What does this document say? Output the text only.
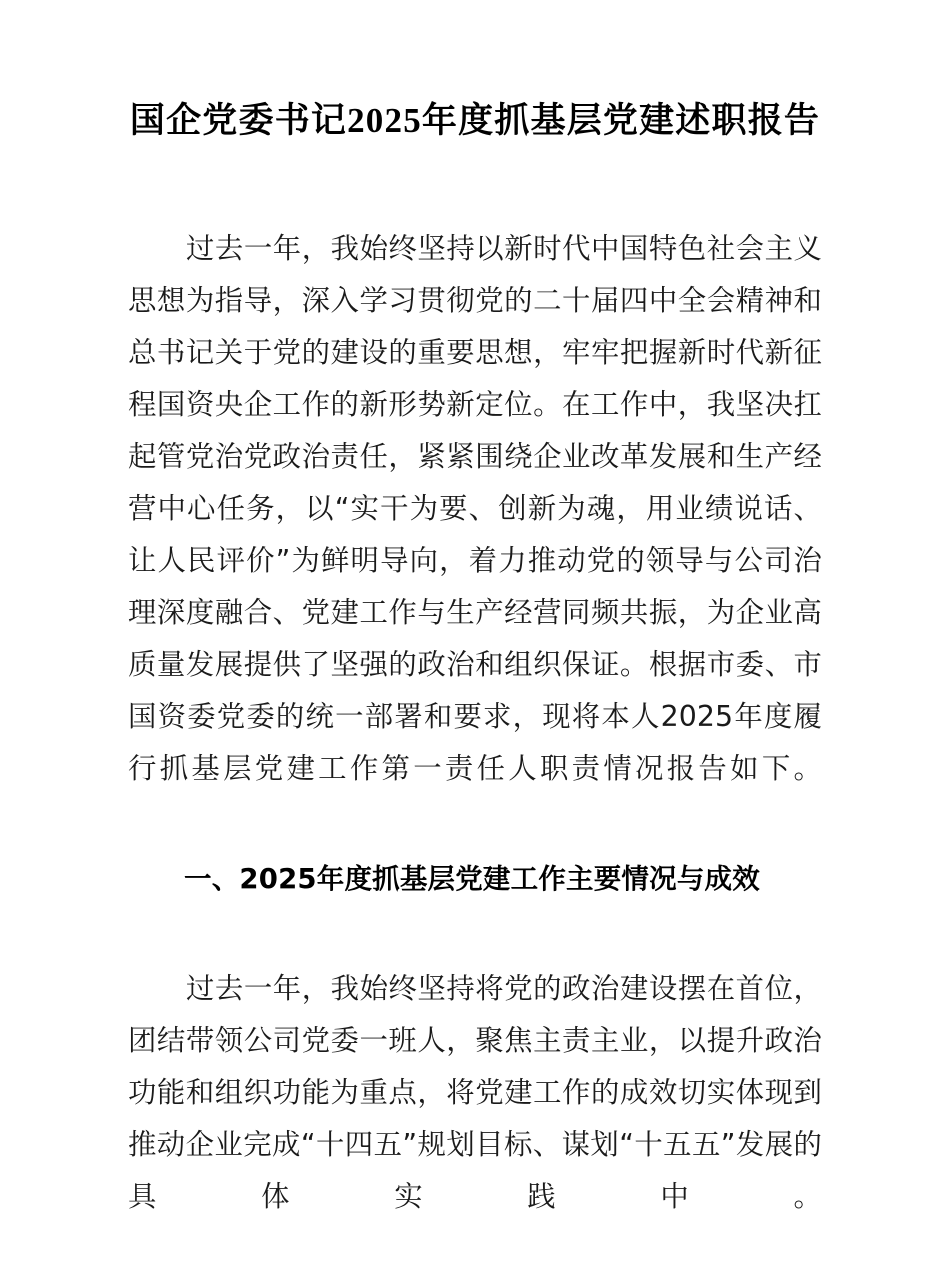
国企党委书记2025年度抓基层党建述职报告

过去一年，我始终坚持以新时代中国特色社会主义思想为指导，深入学习贯彻党的二十届四中全会精神和总书记关于党的建设的重要思想，牢牢把握新时代新征程国资央企工作的新形势新定位。在工作中，我坚决扛起管党治党政治责任，紧紧围绕企业改革发展和生产经营中心任务，以“实干为要、创新为魂，用业绩说话、让人民评价”为鲜明导向，着力推动党的领导与公司治理深度融合、党建工作与生产经营同频共振，为企业高质量发展提供了坚强的政治和组织保证。根据市委、市国资委党委的统一部署和要求，现将本人2025年度履行抓基层党建工作第一责任人职责情况报告如下。

一、2025年度抓基层党建工作主要情况与成效

过去一年，我始终坚持将党的政治建设摆在首位，团结带领公司党委一班人，聚焦主责主业，以提升政治功能和组织功能为重点，将党建工作的成效切实体现到推动企业完成“十四五”规划目标、谋划“十五五”发展的具体实践中。
